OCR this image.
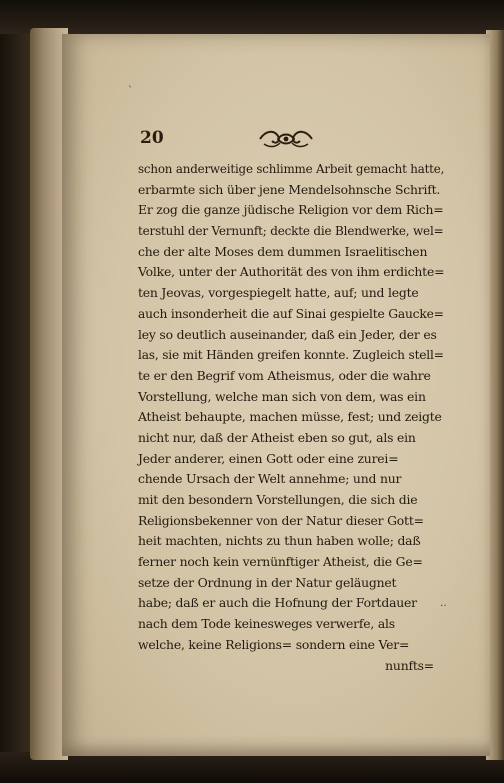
20
schon anderweitige schlimme Arbeit gemacht hatte,
erbarmte sich über jene Mendelsohnsche Schrift.
Er zog die ganze jüdische Religion vor dem Rich=
terstuhl der Vernunft; deckte die Blendwerke, wel=
che der alte Moses dem dummen Israelitischen
Volke, unter der Authorität des von ihm erdichte=
ten Jeovas, vorgespiegelt hatte, auf; und legte
auch insonderheit die auf Sinai gespielte Gaucke=
ley so deutlich auseinander, daß ein Jeder, der es
las, sie mit Händen greifen konnte. Zugleich stell=
te er den Begrif vom Atheismus, oder die wahre
Vorstellung, welche man sich von dem, was ein
Atheist behaupte, machen müsse, fest; und zeigte
nicht nur, daß der Atheist eben so gut, als ein
Jeder anderer, einen Gott oder eine zurei=
chende Ursach der Welt annehme; und nur
mit den besondern Vorstellungen, die sich die
Religionsbekenner von der Natur dieser Gott=
heit machten, nichts zu thun haben wolle; daß
ferner noch kein vernünftiger Atheist, die Ge=
setze der Ordnung in der Natur geläugnet
habe; daß er auch die Hofnung der Fortdauer
nach dem Tode keinesweges verwerfe, als
welche, keine Religions= sondern eine Ver=
nunfts=
ˋ
‥
